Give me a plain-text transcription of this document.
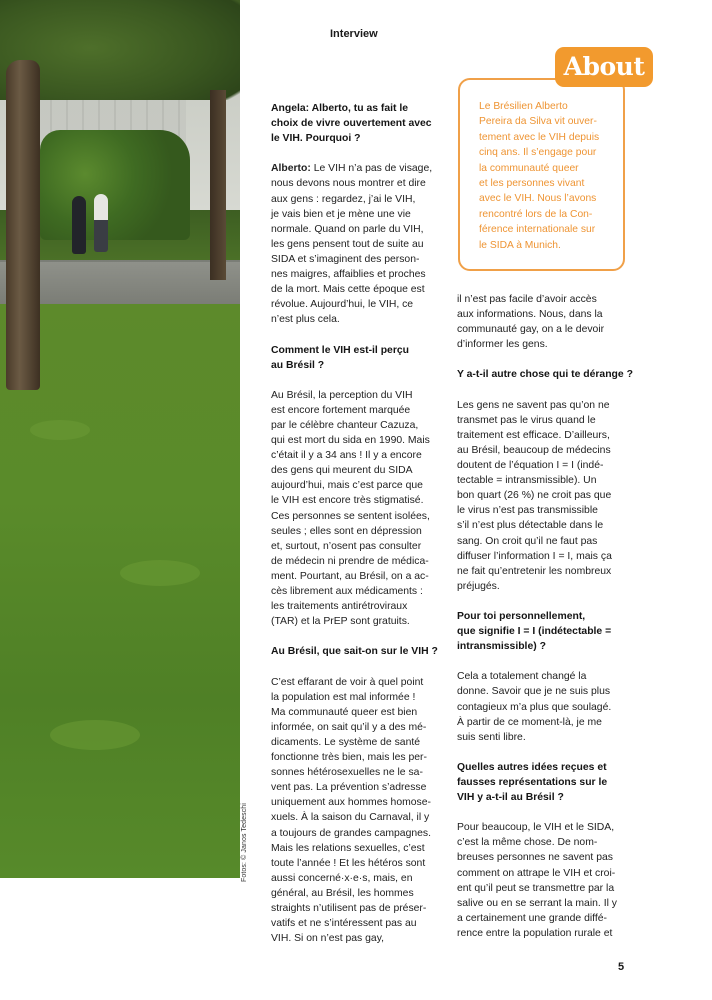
Fotos: © Janos Tedeschi
Interview
About
Le Brésilien Alberto
Pereira da Silva vit ouver-
tement avec le VIH depuis
cinq ans. Il s’engage pour
la communauté queer
et les personnes vivant
avec le VIH. Nous l’avons
rencontré lors de la Con-
férence internationale sur
le SIDA à Munich.

Angela: Alberto, tu as fait le
choix de vivre ouvertement avec
le VIH. Pourquoi ?

Alberto: Le VIH n’a pas de visage,
nous devons nous montrer et dire
aux gens : regardez, j’ai le VIH,
je vais bien et je mène une vie
normale. Quand on parle du VIH,
les gens pensent tout de suite au
SIDA et s’imaginent des person-
nes maigres, affaiblies et proches
de la mort. Mais cette époque est
révolue. Aujourd’hui, le VIH, ce
n’est plus cela.

Comment le VIH est-il perçu
au Brésil ?

Au Brésil, la perception du VIH
est encore fortement marquée
par le célèbre chanteur Cazuza,
qui est mort du sida en 1990. Mais
c’était il y a 34 ans ! Il y a encore
des gens qui meurent du SIDA
aujourd’hui, mais c’est parce que
le VIH est encore très stigmatisé.
Ces personnes se sentent isolées,
seules ; elles sont en dépression
et, surtout, n’osent pas consulter
de médecin ni prendre de médica-
ment. Pourtant, au Brésil, on a ac-
cès librement aux médicaments :
les traitements antirétroviraux
(TAR) et la PrEP sont gratuits.

Au Brésil, que sait-on sur le VIH ?

C’est effarant de voir à quel point
la population est mal informée !
Ma communauté queer est bien
informée, on sait qu’il y a des mé-
dicaments. Le système de santé
fonctionne très bien, mais les per-
sonnes hétérosexuelles ne le sa-
vent pas. La prévention s’adresse
uniquement aux hommes homose-
xuels. À la saison du Carnaval, il y
a toujours de grandes campagnes.
Mais les relations sexuelles, c’est
toute l’année ! Et les hétéros sont
aussi concerné·x·e·s, mais, en
général, au Brésil, les hommes
straights n’utilisent pas de préser-
vatifs et ne s’intéressent pas au
VIH. Si on n’est pas gay,

il n’est pas facile d’avoir accès
aux informations. Nous, dans la
communauté gay, on a le devoir
d’informer les gens.

Y a-t-il autre chose qui te dérange ?

Les gens ne savent pas qu’on ne
transmet pas le virus quand le
traitement est efficace. D’ailleurs,
au Brésil, beaucoup de médecins
doutent de l’équation I = I (indé-
tectable = intransmissible). Un
bon quart (26 %) ne croit pas que
le virus n’est pas transmissible
s’il n’est plus détectable dans le
sang. On croit qu’il ne faut pas
diffuser l’information I = I, mais ça
ne fait qu’entretenir les nombreux
préjugés.

Pour toi personnellement,
que signifie I = I (indétectable =
intransmissible) ?

Cela a totalement changé la
donne. Savoir que je ne suis plus
contagieux m’a plus que soulagé.
À partir de ce moment-là, je me
suis senti libre.

Quelles autres idées reçues et
fausses représentations sur le
VIH y a-t-il au Brésil ?

Pour beaucoup, le VIH et le SIDA,
c’est la même chose. De nom-
breuses personnes ne savent pas
comment on attrape le VIH et croi-
ent qu’il peut se transmettre par la
salive ou en se serrant la main. Il y
a certainement une grande diffé-
rence entre la population rurale et

5
